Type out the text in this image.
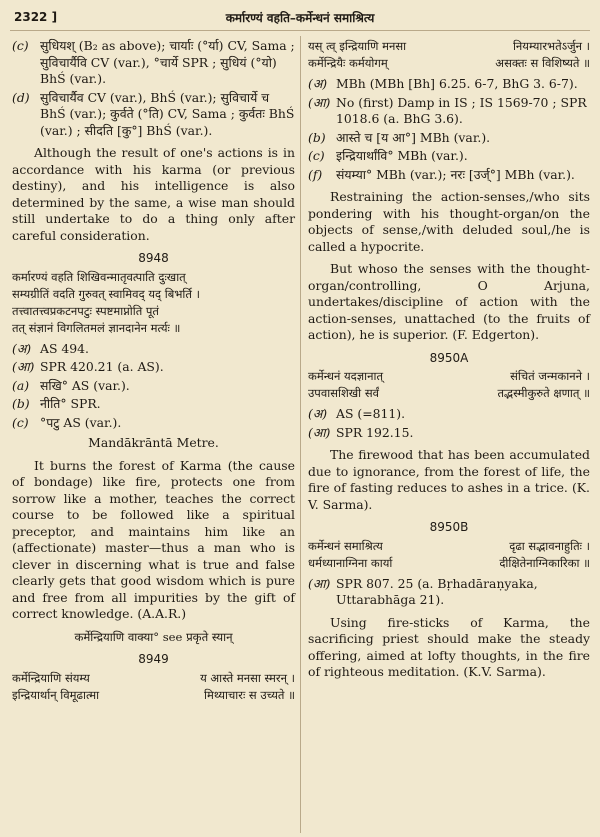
2322 ]	कर्मारण्यं वहति–कर्मेन्धनं समाश्रित्य
(c) सुधियश् (B₂ as above); चार्याः (°र्या) CV, Sama ; सुविचार्यैवि CV (var.), °चार्ये SPR ; सुधियं (°यो) BhŚ (var.).
(d) सुविचार्यैव CV (var.), BhŚ (var.); सुविचार्ये च BhŚ (var.); कुर्वते (°ति) CV, Sama ; कुर्वतः BhŚ (var.) ; सीदति [कु°] BhŚ (var.).

Although the result of one's actions is in accordance with his karma (or previous destiny), and his intelligence is also determined by the same, a wise man should still undertake to do a thing only after careful consideration.

8948
कर्मारण्यं वहति शिखिवन्मातृवत्पाति दुःखात्
सम्यग्रीतिं वदति गुरुवत् स्वामिवद् यद् बिभर्ति ।
तत्त्वातत्त्वप्रकटनपटुः स्पष्टमाप्नोति पूतं
तत् संज्ञानं विगलितमलं ज्ञानदानेन मर्त्यः ॥
(अ) AS 494.
(आ) SPR 420.21 (a. AS).
(a) सखि° AS (var.).
(b) नीति° SPR.
(c) °पटु AS (var.).
Mandākrāntā Metre.

It burns the forest of Karma (the cause of bondage) like fire, protects one from sorrow like a mother, teaches the correct course to be followed like a spiritual preceptor, and maintains him like an (affectionate) master—thus a man who is clever in discerning what is true and false clearly gets that good wisdom which is pure and free from all impurities by the gift of correct knowledge. (A.A.R.)

कर्मेन्द्रियाणि वाक्या° see प्रकृते स्यान्
8949
कर्मेन्द्रियाणि संयम्य	य आस्ते मनसा स्मरन् ।
इन्द्रियार्थान् विमूढात्मा	मिथ्याचारः स उच्यते ॥
यस् त्व् इन्द्रियाणि मनसा	नियम्यारभतेऽर्जुन ।
कर्मेन्द्रियैः कर्मयोगम्	असक्तः स विशिष्यते ॥
(अ) MBh (MBh [Bh] 6.25. 6-7, BhG 3. 6-7).
(आ) No (first) Damp in IS ; IS 1569-70 ; SPR 1018.6 (a. BhG 3.6).
(b) आस्ते च [य आ°] MBh (var.).
(c) इन्द्रियार्थांवि° MBh (var.).
(f)	संयम्या° MBh (var.); नरः [उर्ज्°] MBh (var.).

Restraining the action-senses,/who sits pondering with his thought-organ/on the objects of sense,/with deluded soul,/he is called a hypocrite.

But whoso the senses with the thought-organ/controlling, O Arjuna, undertakes/discipline of action with the action-senses, unattached (to the fruits of action), he is superior. (F. Edgerton).

8950A
कर्मेन्धनं यदज्ञानात्	संचितं जन्मकानने ।
उपवासशिखी सर्वं	तद्भस्मीकुरुते क्षणात् ॥
(अ) AS (=811).
(आ) SPR 192.15.

The firewood that has been accumulated due to ignorance, from the forest of life, the fire of fasting reduces to ashes in a trice. (K. V. Sarma).

8950B
कर्मेन्धनं समाश्रित्य	दृढा सद्भावनाहुतिः ।
धर्मध्यानाग्निना कार्या	दीक्षितेनाग्निकारिका ॥
(आ) SPR 807. 25 (a. Bṛhadāraṇyaka, Uttarabhāga 21).

Using fire-sticks of Karma, the sacrificing priest should make the steady offering, aimed at lofty thoughts, in the fire of righteous meditation. (K.V. Sarma).
